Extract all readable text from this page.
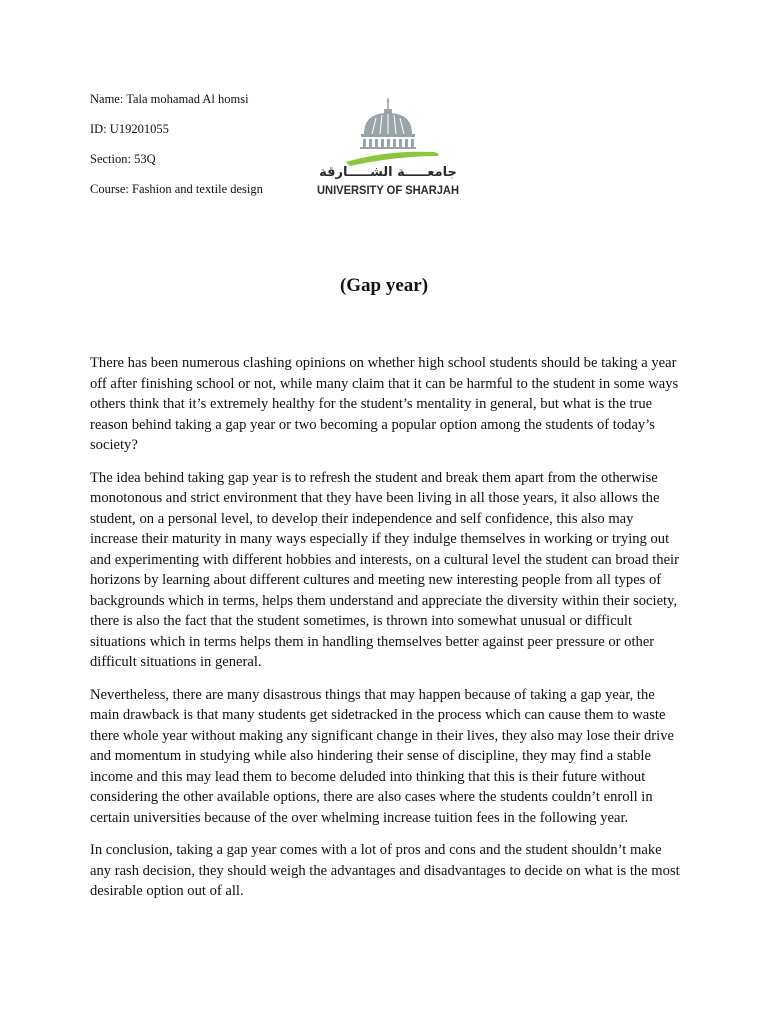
Name: Tala mohamad Al homsi
ID: U19201055
Section: 53Q
Course: Fashion and textile design
جامعـــــة الشـــــارقة
UNIVERSITY OF SHARJAH
(Gap year)

There has been numerous clashing opinions on whether high school students should be taking a year off after finishing school or not, while many claim that it can be harmful to the student in some ways others think that it’s extremely healthy for the student’s mentality in general, but what is the true reason behind taking a gap year or two becoming a popular option among the students of today’s society?

The idea behind taking gap year is to refresh the student and break them apart from the otherwise monotonous and strict environment that they have been living in all those years, it also allows the student, on a personal level, to develop their independence and self confidence, this also may increase their maturity in many ways especially if they indulge themselves in working or trying out and experimenting with different hobbies and interests, on a cultural level the student can broad their horizons by learning about different cultures and meeting new interesting people from all types of backgrounds which in terms, helps them understand and appreciate the diversity within their society, there is also the fact that the student sometimes, is thrown into somewhat unusual or difficult situations which in terms helps them in handling themselves better against peer pressure or other difficult situations in general.

Nevertheless, there are many disastrous things that may happen because of taking a gap year, the main drawback is that many students get sidetracked in the process which can cause them to waste there whole year without making any significant change in their lives, they also may lose their drive and momentum in studying while also hindering their sense of discipline, they may find a stable income and this may lead them to become deluded into thinking that this is their future without considering the other available options, there are also cases where the students couldn’t enroll in certain universities because of the over whelming increase tuition fees in the following year.

In conclusion, taking a gap year comes with a lot of pros and cons and the student shouldn’t make any rash decision, they should weigh the advantages and disadvantages to decide on what is the most desirable option out of all.
